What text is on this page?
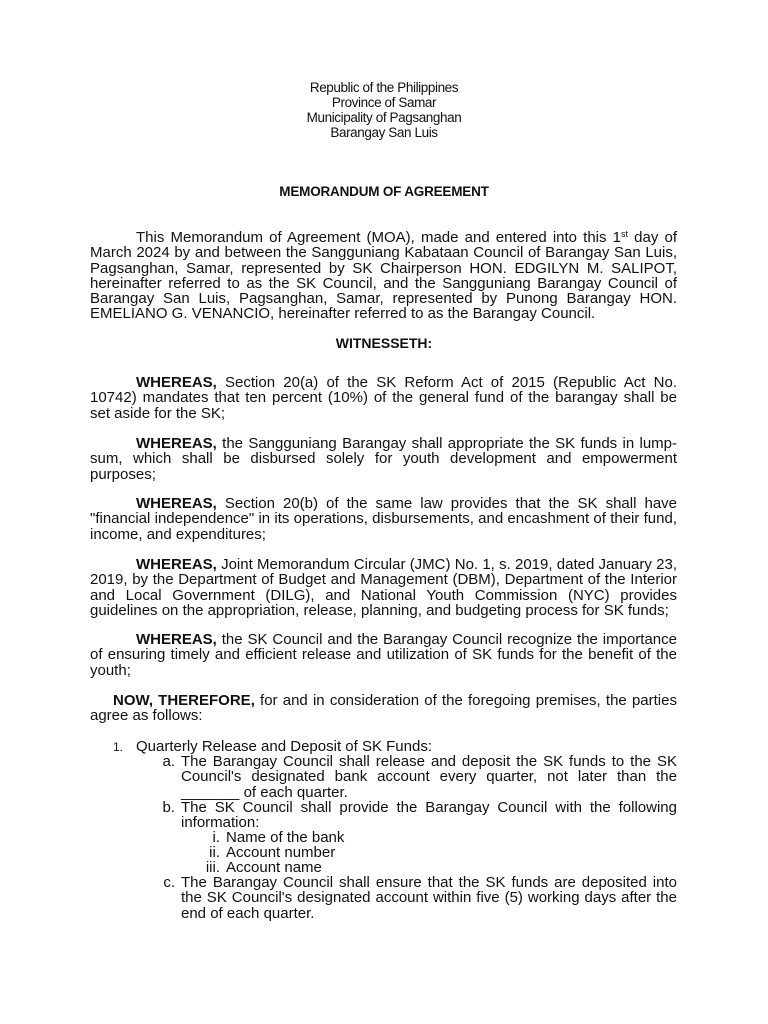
Republic of the Philippines
Province of Samar
Municipality of Pagsanghan
Barangay San Luis
MEMORANDUM OF AGREEMENT
This Memorandum of Agreement (MOA), made and entered into this 1st day of March 2024 by and between the Sangguniang Kabataan Council of Barangay San Luis, Pagsanghan, Samar, represented by SK Chairperson HON. EDGILYN M. SALIPOT, hereinafter referred to as the SK Council, and the Sangguniang Barangay Council of Barangay San Luis, Pagsanghan, Samar, represented by Punong Barangay HON. EMELIANO G. VENANCIO, hereinafter referred to as the Barangay Council.
WITNESSETH:
WHEREAS, Section 20(a) of the SK Reform Act of 2015 (Republic Act No. 10742) mandates that ten percent (10%) of the general fund of the barangay shall be set aside for the SK;
WHEREAS, the Sangguniang Barangay shall appropriate the SK funds in lump-sum, which shall be disbursed solely for youth development and empowerment purposes;
WHEREAS, Section 20(b) of the same law provides that the SK shall have "financial independence" in its operations, disbursements, and encashment of their fund, income, and expenditures;
WHEREAS, Joint Memorandum Circular (JMC) No. 1, s. 2019, dated January 23, 2019, by the Department of Budget and Management (DBM), Department of the Interior and Local Government (DILG), and National Youth Commission (NYC) provides guidelines on the appropriation, release, planning, and budgeting process for SK funds;
WHEREAS, the SK Council and the Barangay Council recognize the importance of ensuring timely and efficient release and utilization of SK funds for the benefit of the youth;
NOW, THEREFORE, for and in consideration of the foregoing premises, the parties agree as follows:
1. Quarterly Release and Deposit of SK Funds:
a. The Barangay Council shall release and deposit the SK funds to the SK Council's designated bank account every quarter, not later than the _______ of each quarter.
b. The SK Council shall provide the Barangay Council with the following information:
i. Name of the bank
ii. Account number
iii. Account name
c. The Barangay Council shall ensure that the SK funds are deposited into the SK Council's designated account within five (5) working days after the end of each quarter.
